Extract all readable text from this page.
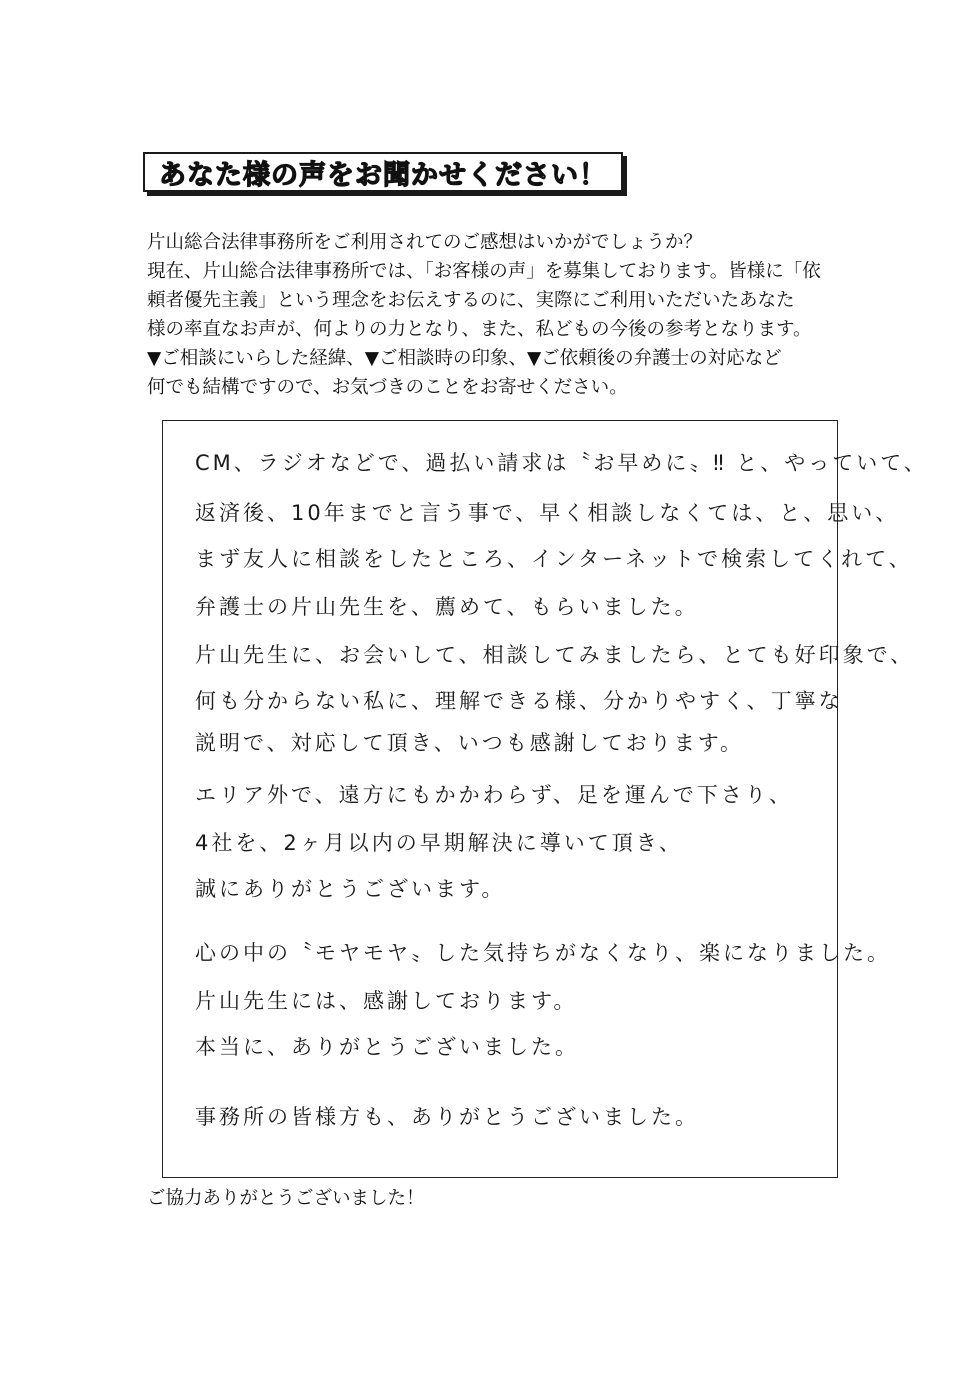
あなた様の声をお聞かせください！
片山総合法律事務所をご利用されてのご感想はいかがでしょうか？
現在、片山総合法律事務所では、「お客様の声」を募集しております。皆様に「依
頼者優先主義」という理念をお伝えするのに、実際にご利用いただいたあなた
様の率直なお声が、何よりの力となり、また、私どもの今後の参考となります。
▼ご相談にいらした経緯、▼ご相談時の印象、▼ご依頼後の弁護士の対応など
何でも結構ですので、お気づきのことをお寄せください。
CM、ラジオなどで、過払い請求は〝お早めに〟‼ と、やっていて、
返済後、10年までと言う事で、早く相談しなくては、と、思い、
まず友人に相談をしたところ、インターネットで検索してくれて、
弁護士の片山先生を、薦めて、もらいました。
片山先生に、お会いして、相談してみましたら、とても好印象で、
何も分からない私に、理解できる様、分かりやすく、丁寧な
説明で、対応して頂き、いつも感謝しております。
エリア外で、遠方にもかかわらず、足を運んで下さり、
4社を、2ヶ月以内の早期解決に導いて頂き、
誠にありがとうございます。
心の中の〝モヤモヤ〟した気持ちがなくなり、楽になりました。
片山先生には、感謝しております。
本当に、ありがとうございました。
事務所の皆様方も、ありがとうございました。
ご協力ありがとうございました！
